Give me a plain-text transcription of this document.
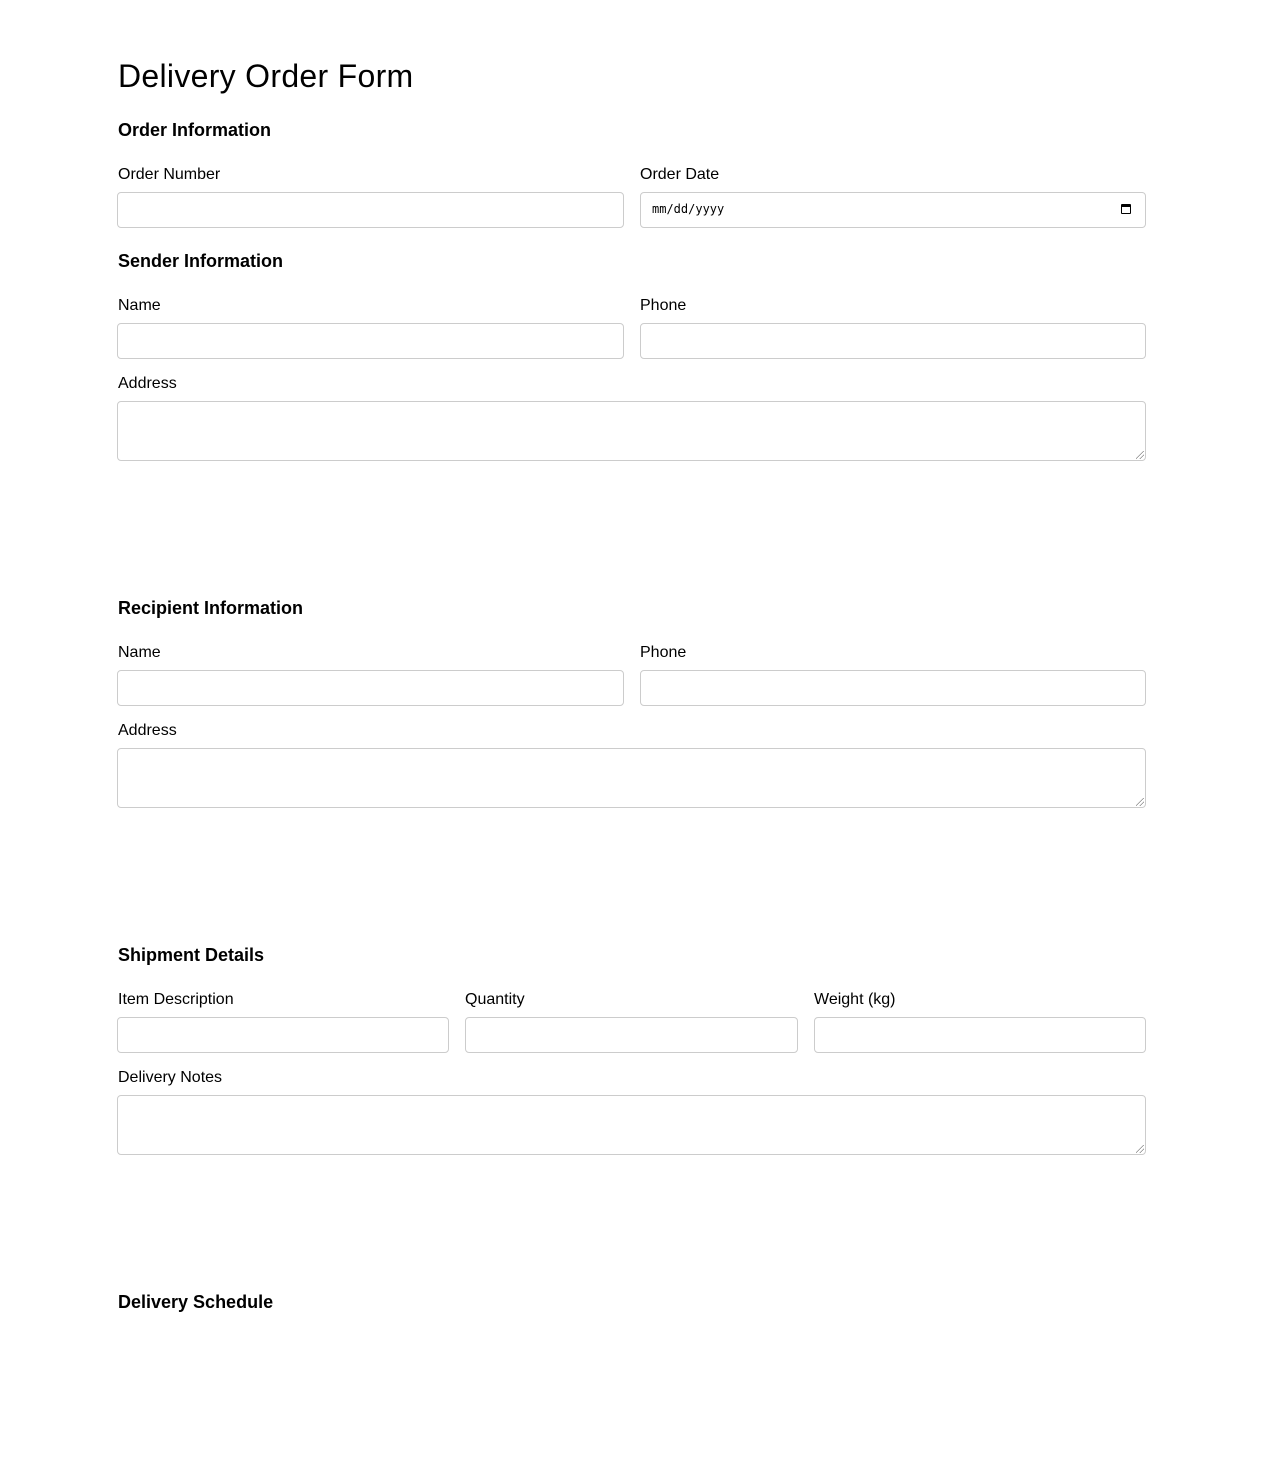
Delivery Order Form
Order Information
Order Number	Order Date
mm/dd/yyyy
Sender Information
Name	Phone
Address
Recipient Information
Name	Phone
Address
Shipment Details
Item Description	Quantity	Weight (kg)
Delivery Notes
Delivery Schedule
